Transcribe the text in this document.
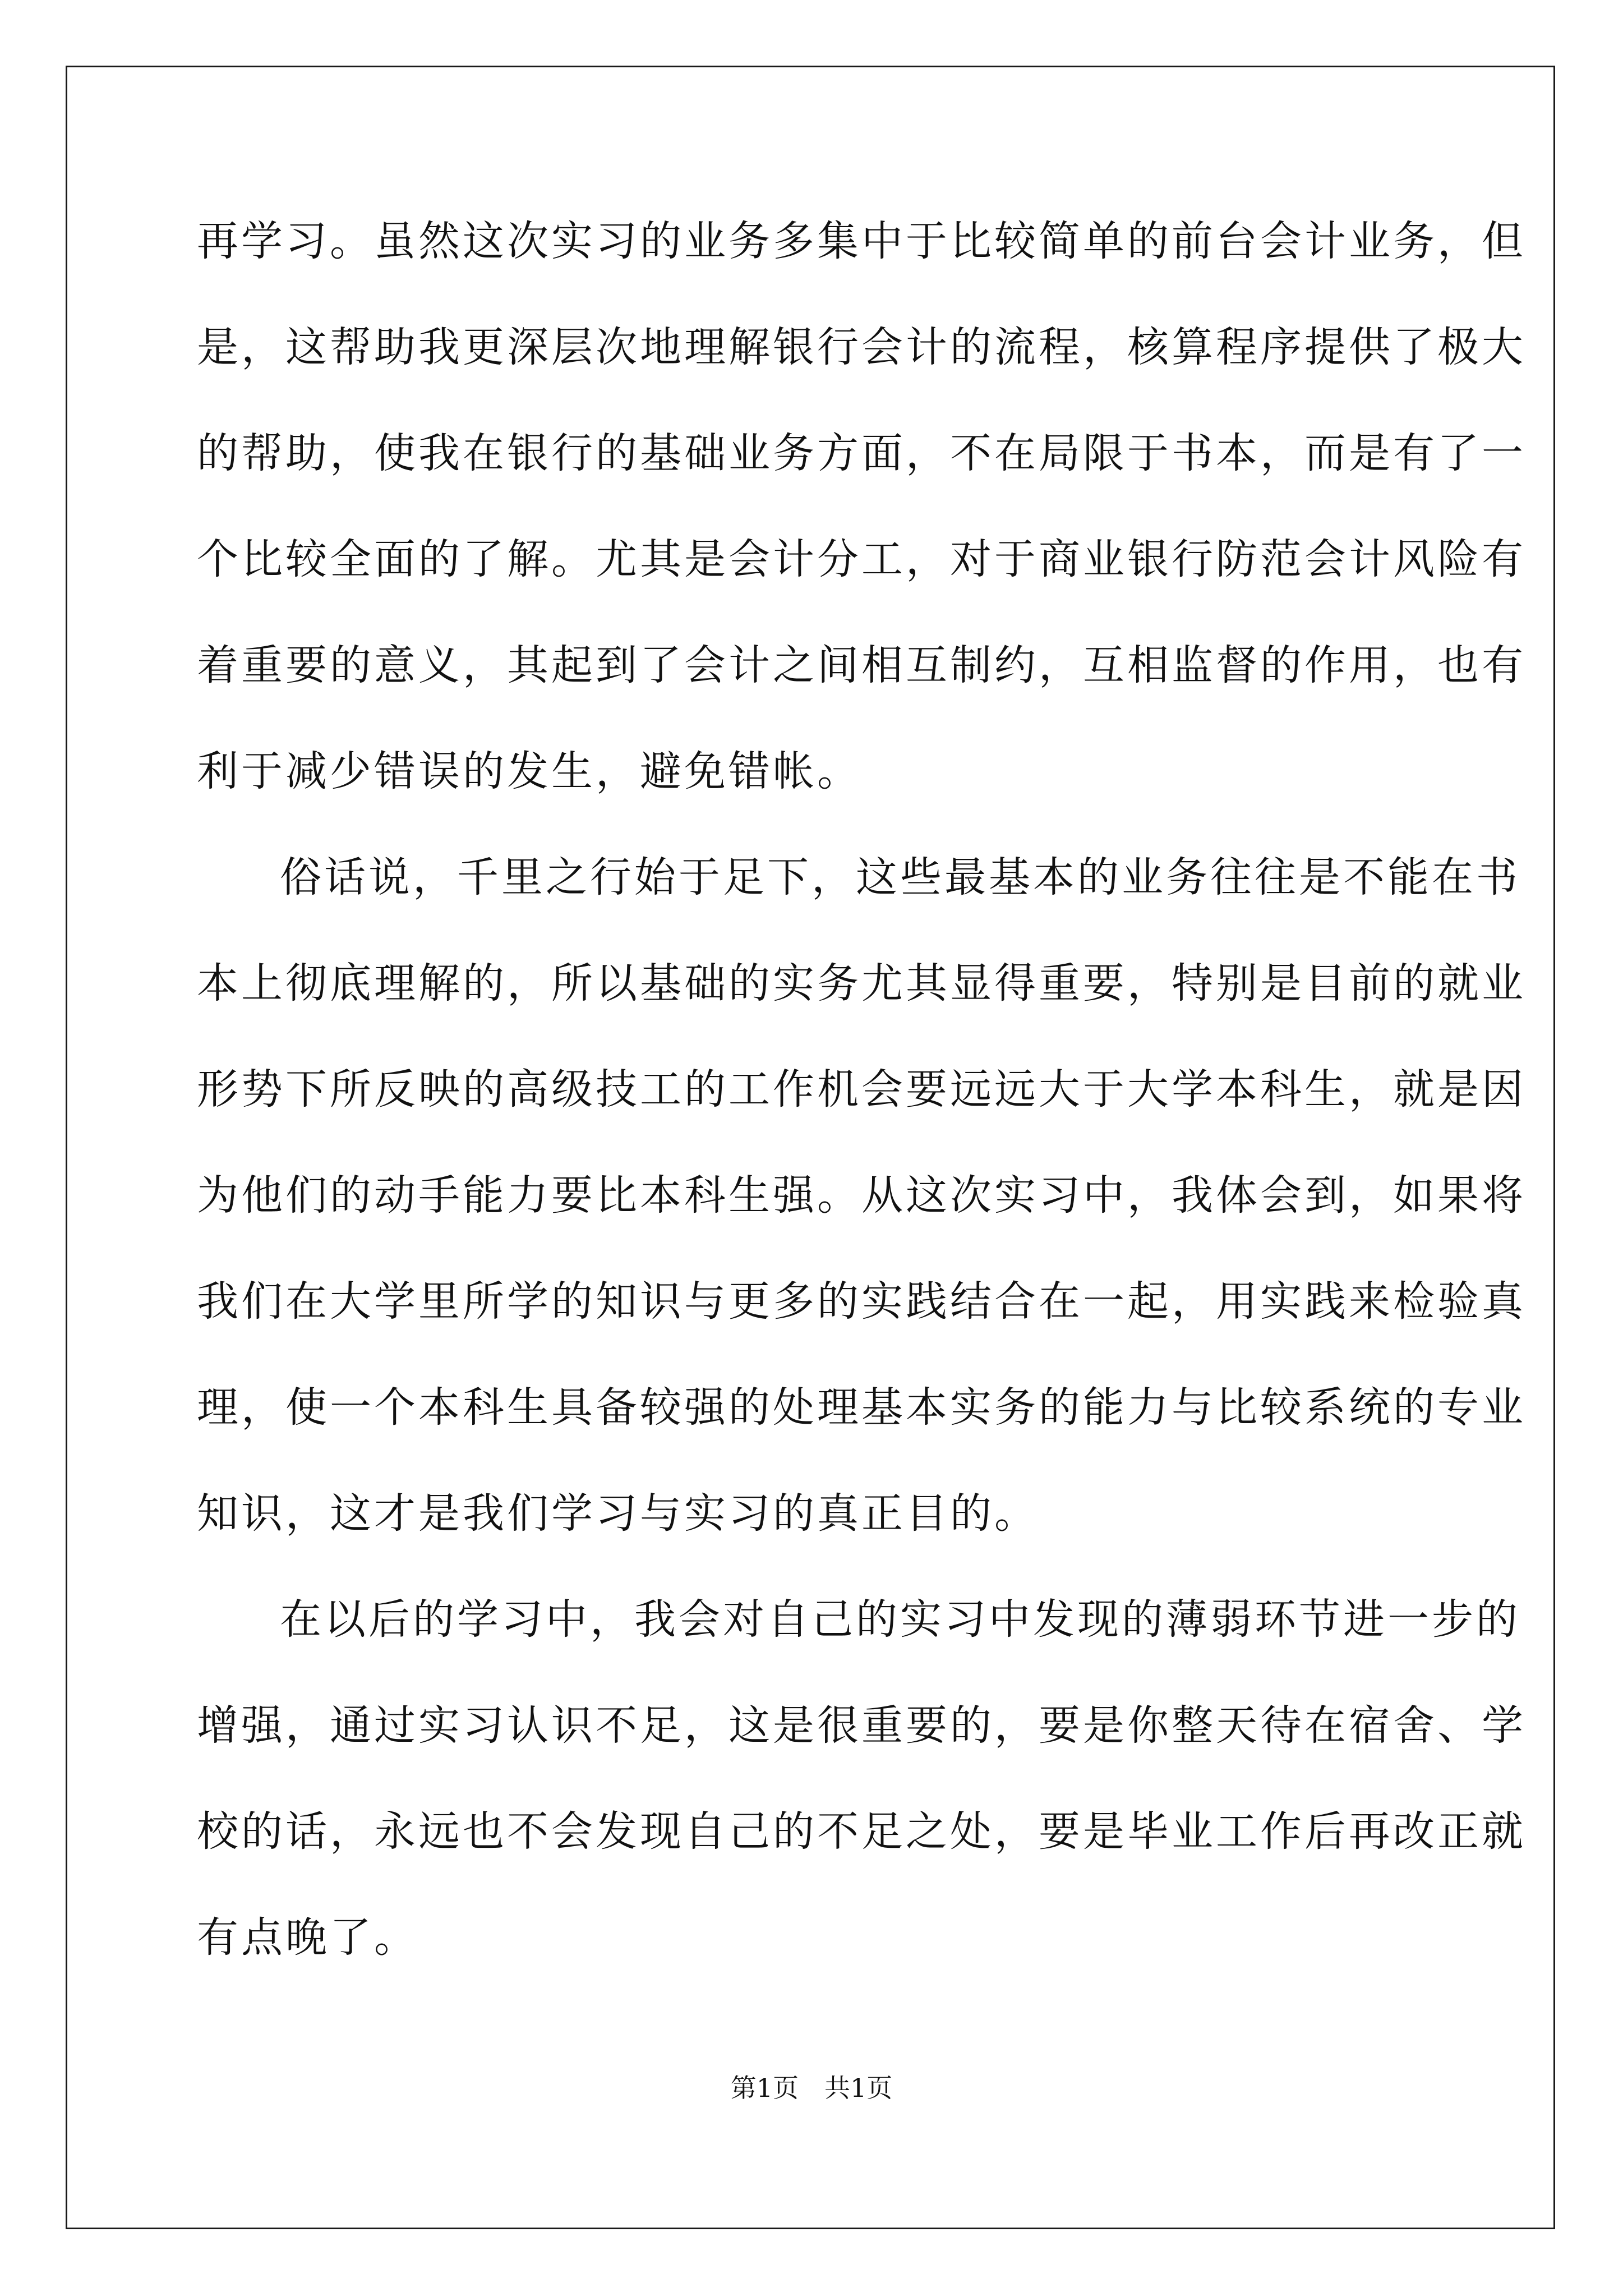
再学习。虽然这次实习的业务多集中于比较简单的前台会计业务，但
是，这帮助我更深层次地理解银行会计的流程，核算程序提供了极大
的帮助，使我在银行的基础业务方面，不在局限于书本，而是有了一
个比较全面的了解。尤其是会计分工，对于商业银行防范会计风险有
着重要的意义，其起到了会计之间相互制约，互相监督的作用，也有
利于减少错误的发生，避免错帐。
俗话说，千里之行始于足下，这些最基本的业务往往是不能在书
本上彻底理解的，所以基础的实务尤其显得重要，特别是目前的就业
形势下所反映的高级技工的工作机会要远远大于大学本科生，就是因
为他们的动手能力要比本科生强。从这次实习中，我体会到，如果将
我们在大学里所学的知识与更多的实践结合在一起，用实践来检验真
理，使一个本科生具备较强的处理基本实务的能力与比较系统的专业
知识，这才是我们学习与实习的真正目的。
在以后的学习中，我会对自己的实习中发现的薄弱环节进一步的
增强，通过实习认识不足，这是很重要的，要是你整天待在宿舍、学
校的话，永远也不会发现自己的不足之处，要是毕业工作后再改正就
有点晚了。
第1页　共1页
